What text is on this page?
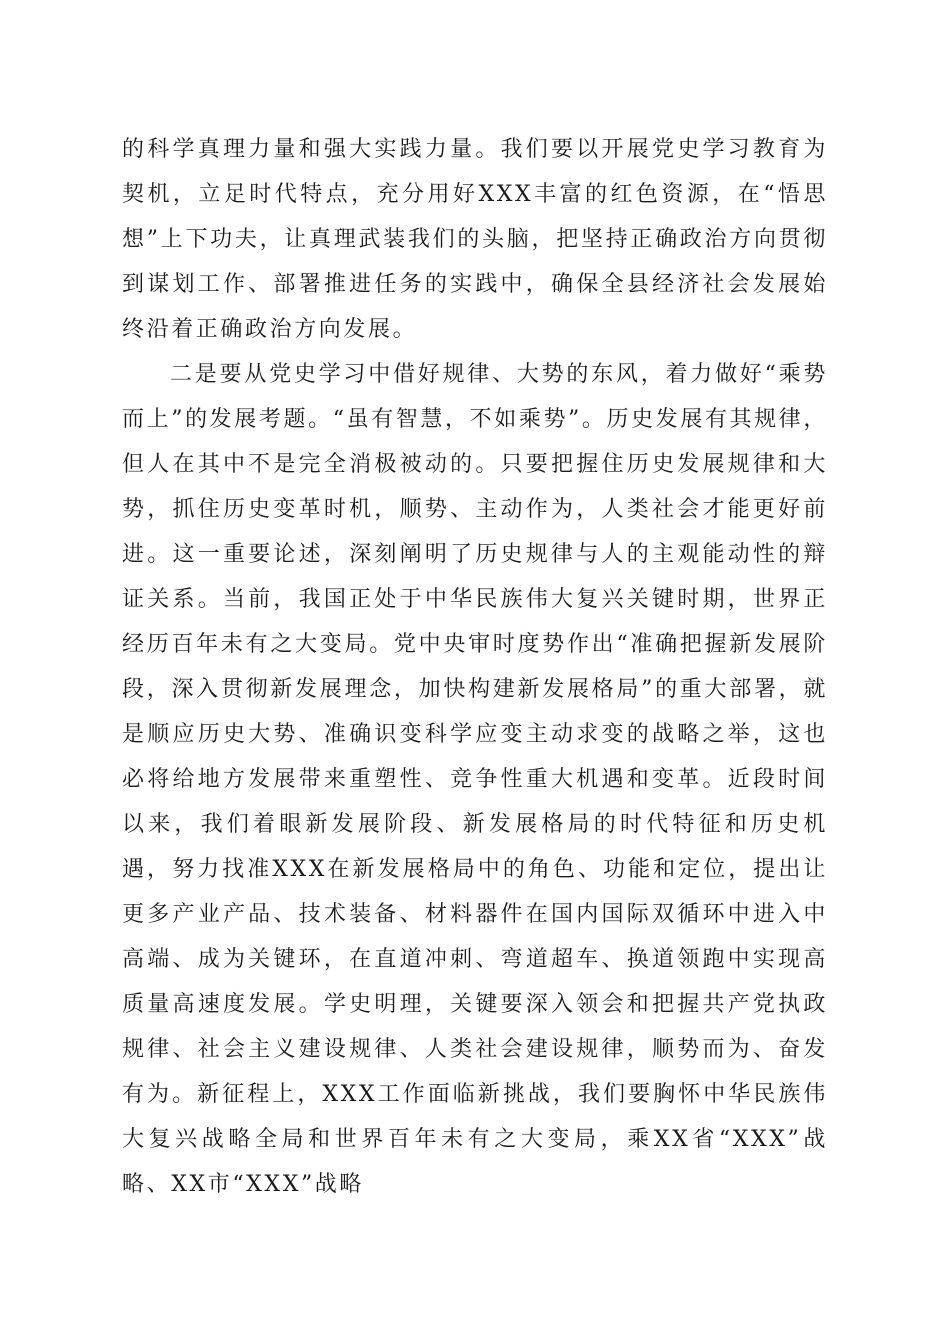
的科学真理力量和强大实践力量。我们要以开展党史学习教育为契机，立足时代特点，充分用好XXX丰富的红色资源，在“悟思想”上下功夫，让真理武装我们的头脑，把坚持正确政治方向贯彻到谋划工作、部署推进任务的实践中，确保全县经济社会发展始终沿着正确政治方向发展。

二是要从党史学习中借好规律、大势的东风，着力做好“乘势而上”的发展考题。“虽有智慧，不如乘势”。历史发展有其规律，但人在其中不是完全消极被动的。只要把握住历史发展规律和大势，抓住历史变革时机，顺势、主动作为，人类社会才能更好前进。这一重要论述，深刻阐明了历史规律与人的主观能动性的辩证关系。当前，我国正处于中华民族伟大复兴关键时期，世界正经历百年未有之大变局。党中央审时度势作出“准确把握新发展阶段，深入贯彻新发展理念，加快构建新发展格局”的重大部署，就是顺应历史大势、准确识变科学应变主动求变的战略之举，这也必将给地方发展带来重塑性、竞争性重大机遇和变革。近段时间以来，我们着眼新发展阶段、新发展格局的时代特征和历史机遇，努力找准XXX在新发展格局中的角色、功能和定位，提出让更多产业产品、技术装备、材料器件在国内国际双循环中进入中高端、成为关键环，在直道冲刺、弯道超车、换道领跑中实现高质量高速度发展。学史明理，关键要深入领会和把握共产党执政规律、社会主义建设规律、人类社会建设规律，顺势而为、奋发有为。新征程上，XXX工作面临新挑战，我们要胸怀中华民族伟大复兴战略全局和世界百年未有之大变局，乘XX省“XXX”战略、XX市“XXX”战略
